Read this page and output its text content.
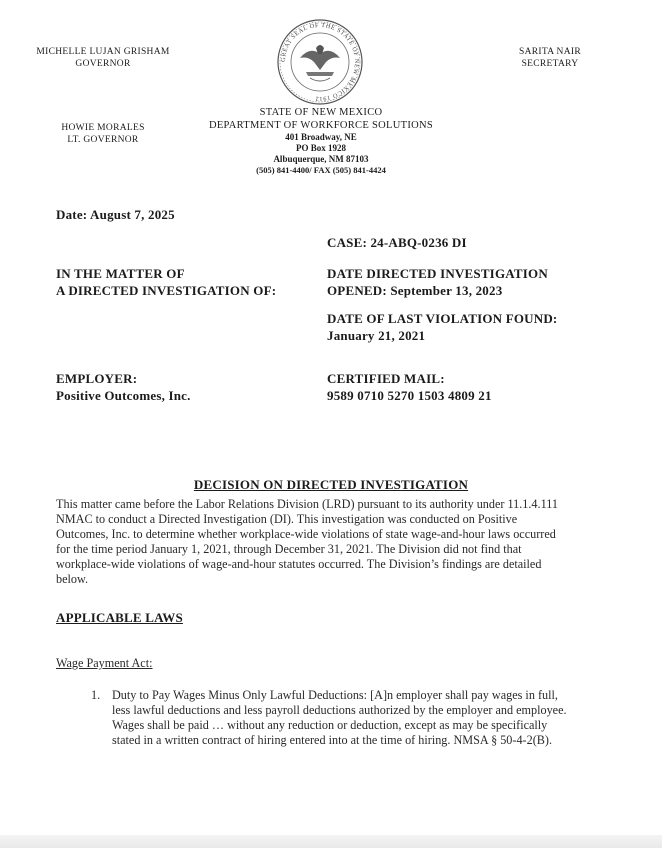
MICHELLE LUJAN GRISHAM
GOVERNOR
SARITA NAIR
SECRETARY
GREAT SEAL OF THE STATE OF NEW MEXICO 1912
HOWIE MORALES
LT. GOVERNOR
STATE OF NEW MEXICO
DEPARTMENT OF WORKFORCE SOLUTIONS
401 Broadway, NE
PO Box 1928
Albuquerque, NM 87103
(505) 841-4400/ FAX (505) 841-4424
Date: August 7, 2025
CASE: 24-ABQ-0236 DI
IN THE MATTER OF
A DIRECTED INVESTIGATION OF:
DATE DIRECTED INVESTIGATION
OPENED: September 13, 2023
DATE OF LAST VIOLATION FOUND:
January 21, 2021
EMPLOYER:
Positive Outcomes, Inc.
CERTIFIED MAIL:
9589 0710 5270 1503 4809 21
DECISION ON DIRECTED INVESTIGATION
This matter came before the Labor Relations Division (LRD) pursuant to its authority under 11.1.4.111
NMAC to conduct a Directed Investigation (DI). This investigation was conducted on Positive
Outcomes, Inc. to determine whether workplace-wide violations of state wage-and-hour laws occurred
for the time period January 1, 2021, through December 31, 2021. The Division did not find that
workplace-wide violations of wage-and-hour statutes occurred. The Division’s findings are detailed
below.
APPLICABLE LAWS
Wage Payment Act:
1. Duty to Pay Wages Minus Only Lawful Deductions: [A]n employer shall pay wages in full,
less lawful deductions and less payroll deductions authorized by the employer and employee.
Wages shall be paid … without any reduction or deduction, except as may be specifically
stated in a written contract of hiring entered into at the time of hiring. NMSA § 50-4-2(B).
